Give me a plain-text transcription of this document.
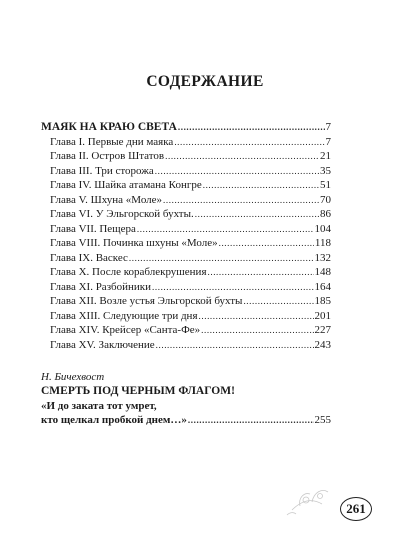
СОДЕРЖАНИЕ
МАЯК НА КРАЮ СВЕТА .....	7
Глава I. Первые дни маяка .....	7
Глава II. Остров Штатов .....	21
Глава III. Три сторожа .....	35
Глава IV. Шайка атамана Конгре .....	51
Глава V. Шхуна «Моле» .....	70
Глава VI. У Эльгорской бухты. .....	86
Глава VII. Пещера .....	104
Глава VIII. Починка шхуны «Моле» .....	118
Глава IX. Васкес .....	132
Глава X. После кораблекрушения .....	148
Глава XI. Разбойники .....	164
Глава XII. Возле устья Эльгорской бухты .....	185
Глава XIII. Следующие три дня .....	201
Глава XIV. Крейсер «Санта-Фе» .....	227
Глава XV. Заключение .....	243
Н. Бичехвост
СМЕРТЬ ПОД ЧЕРНЫМ ФЛАГОМ!
«И до заката тот умрет,
кто щелкал пробкой днем…» .....	255
261
